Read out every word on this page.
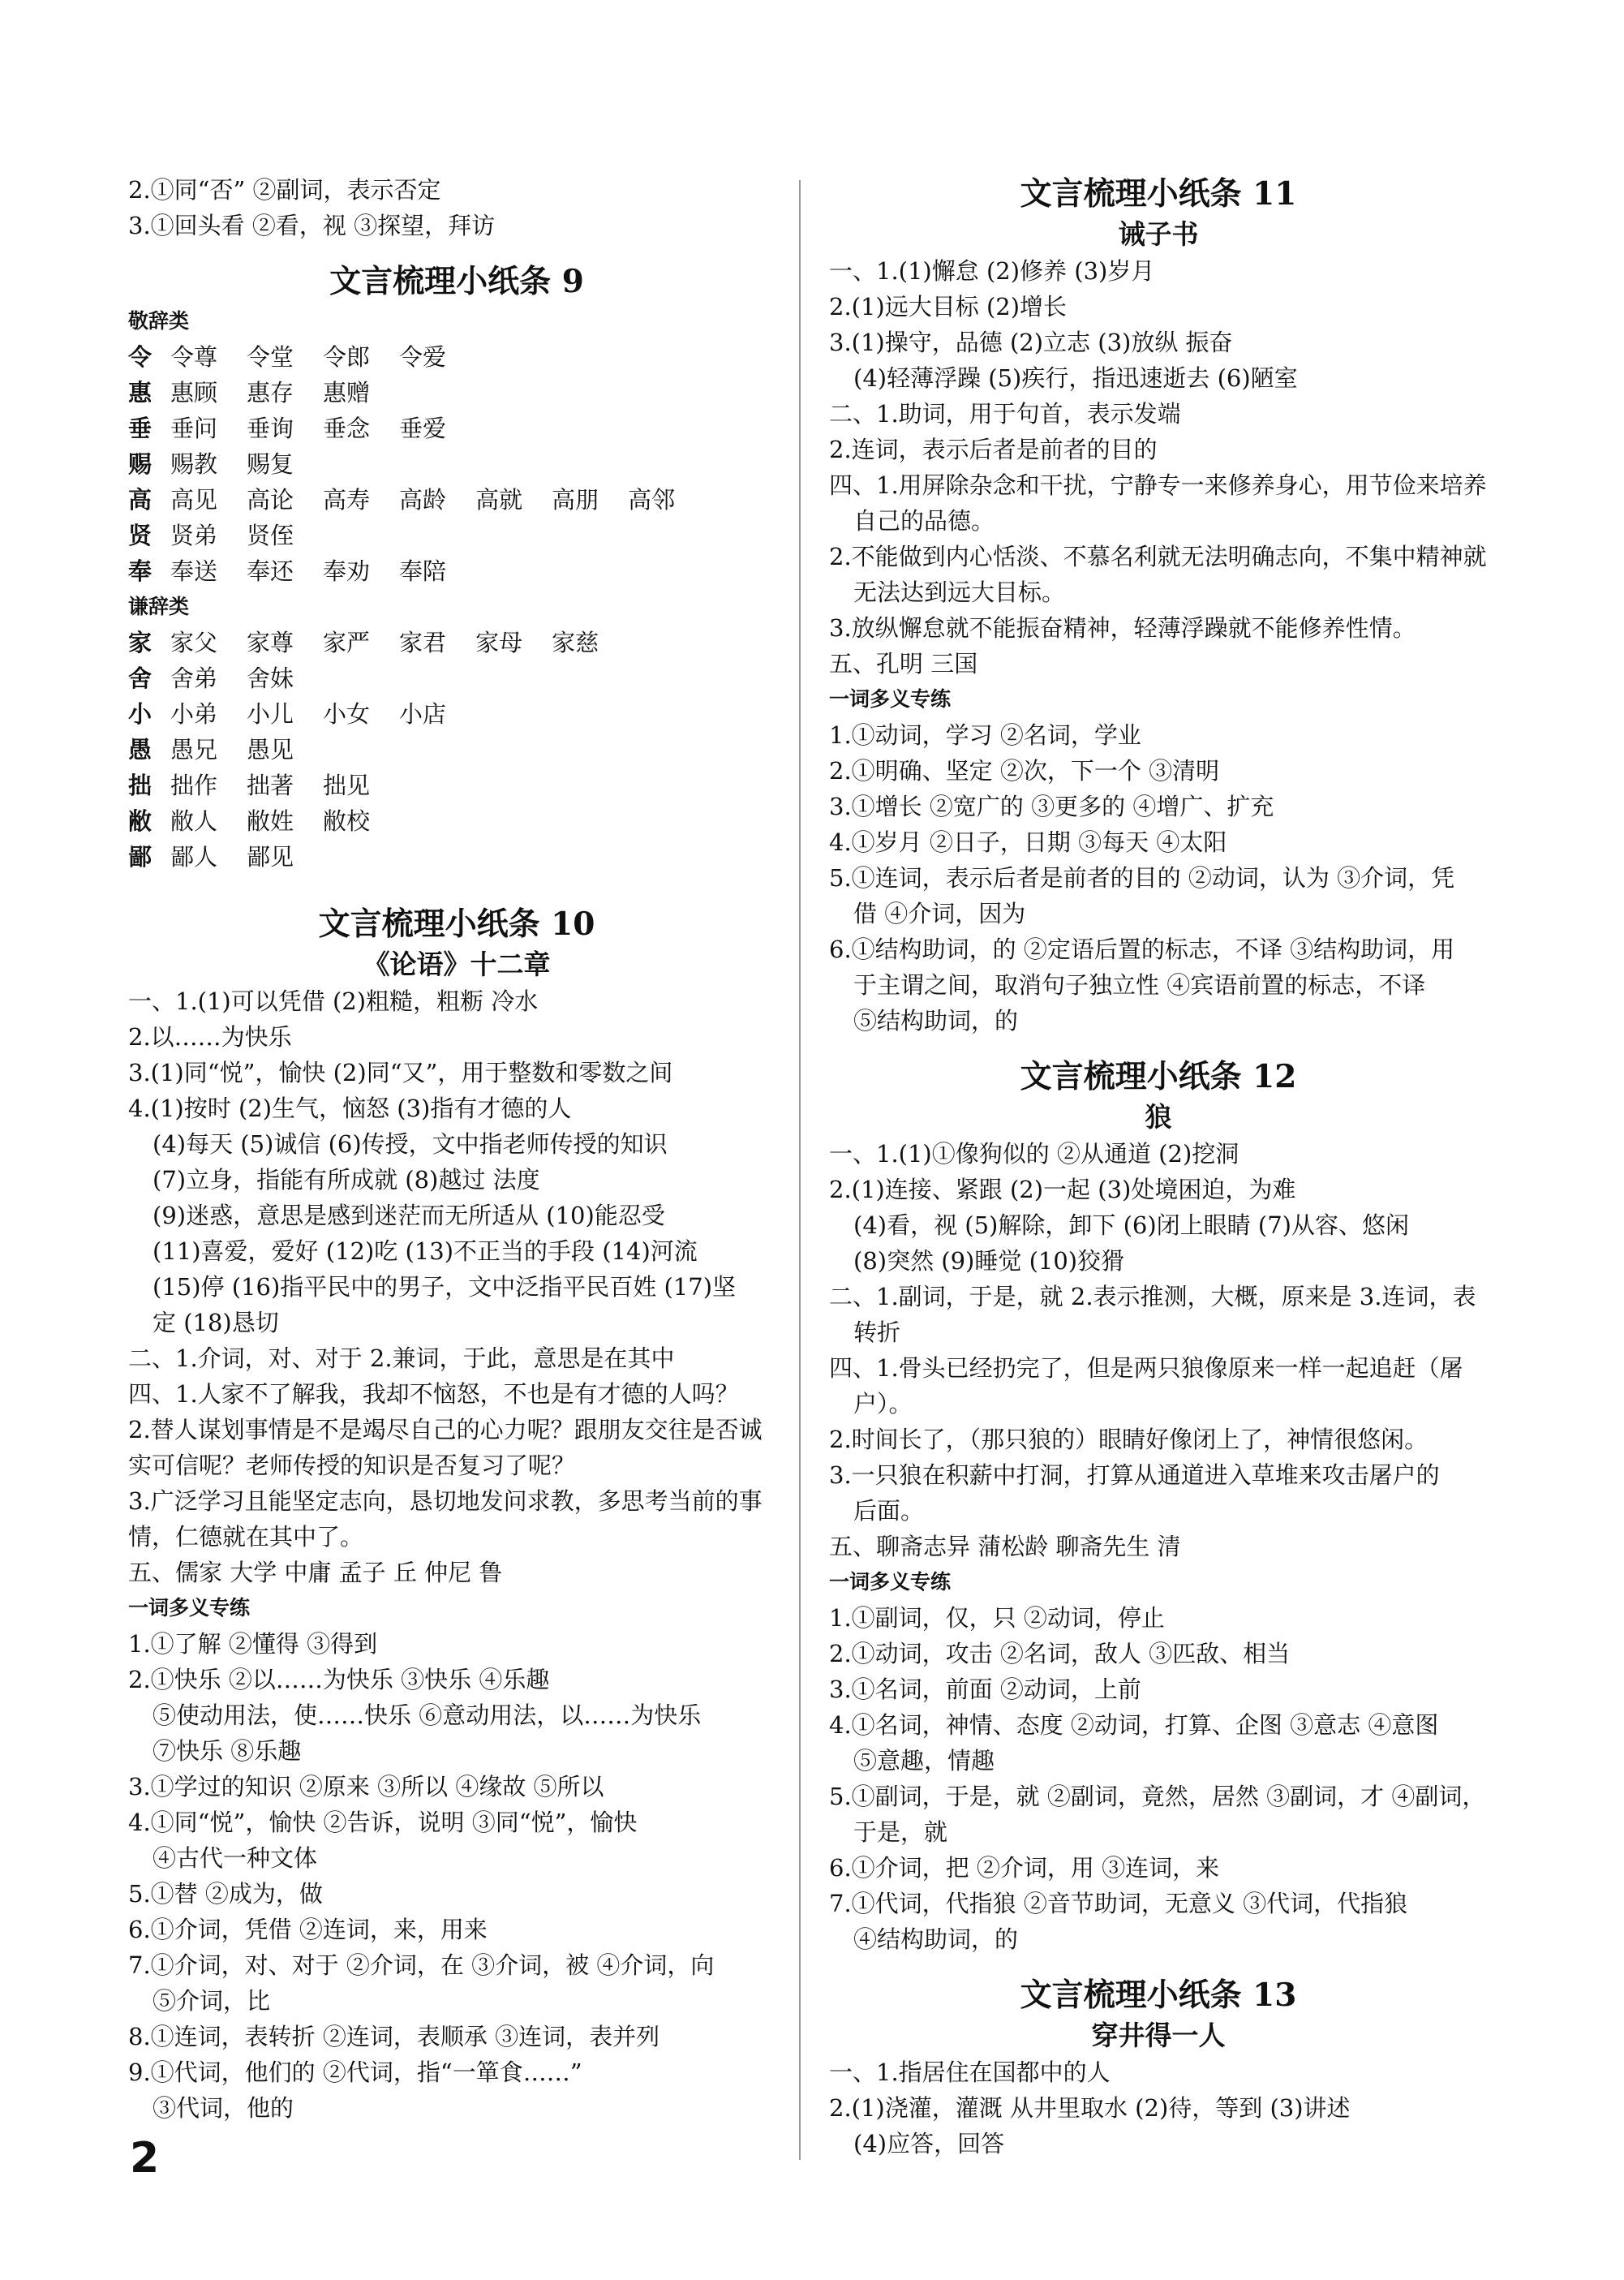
2.①同“否” ②副词，表示否定
3.①回头看 ②看，视 ③探望，拜访
文言梳理小纸条 9
敬辞类
令 令尊 令堂 令郎 令爱
惠 惠顾 惠存 惠赠
垂 垂问 垂询 垂念 垂爱
赐 赐教 赐复
高 高见 高论 高寿 高龄 高就 高朋 高邻
贤 贤弟 贤侄
奉 奉送 奉还 奉劝 奉陪
谦辞类
家 家父 家尊 家严 家君 家母 家慈
舍 舍弟 舍妹
小 小弟 小儿 小女 小店
愚 愚兄 愚见
拙 拙作 拙著 拙见
敝 敝人 敝姓 敝校
鄙 鄙人 鄙见
文言梳理小纸条 10
《论语》十二章
一、1.(1)可以凭借 (2)粗糙，粗粝 冷水
2.以……为快乐
3.(1)同“悦”，愉快 (2)同“又”，用于整数和零数之间
4.(1)按时 (2)生气，恼怒 (3)指有才德的人
(4)每天 (5)诚信 (6)传授，文中指老师传授的知识
(7)立身，指能有所成就 (8)越过 法度
(9)迷惑，意思是感到迷茫而无所适从 (10)能忍受
(11)喜爱，爱好 (12)吃 (13)不正当的手段 (14)河流
(15)停 (16)指平民中的男子，文中泛指平民百姓 (17)坚
定 (18)恳切
二、1.介词，对、对于 2.兼词，于此，意思是在其中
四、1.人家不了解我，我却不恼怒，不也是有才德的人吗？
2.替人谋划事情是不是竭尽自己的心力呢？跟朋友交往是否诚
实可信呢？老师传授的知识是否复习了呢？
3.广泛学习且能坚定志向，恳切地发问求教，多思考当前的事
情，仁德就在其中了。
五、儒家 大学 中庸 孟子 丘 仲尼 鲁
一词多义专练
1.①了解 ②懂得 ③得到
2.①快乐 ②以……为快乐 ③快乐 ④乐趣
⑤使动用法，使……快乐 ⑥意动用法，以……为快乐
⑦快乐 ⑧乐趣
3.①学过的知识 ②原来 ③所以 ④缘故 ⑤所以
4.①同“悦”，愉快 ②告诉，说明 ③同“悦”，愉快
④古代一种文体
5.①替 ②成为，做
6.①介词，凭借 ②连词，来，用来
7.①介词，对、对于 ②介词，在 ③介词，被 ④介词，向
⑤介词，比
8.①连词，表转折 ②连词，表顺承 ③连词，表并列
9.①代词，他们的 ②代词，指“一箪食……”
③代词，他的
文言梳理小纸条 11
诫子书
一、1.(1)懈怠 (2)修养 (3)岁月
2.(1)远大目标 (2)增长
3.(1)操守，品德 (2)立志 (3)放纵 振奋
(4)轻薄浮躁 (5)疾行，指迅速逝去 (6)陋室
二、1.助词，用于句首，表示发端
2.连词，表示后者是前者的目的
四、1.用屏除杂念和干扰，宁静专一来修养身心，用节俭来培养
自己的品德。
2.不能做到内心恬淡、不慕名利就无法明确志向，不集中精神就
无法达到远大目标。
3.放纵懈怠就不能振奋精神，轻薄浮躁就不能修养性情。
五、孔明 三国
一词多义专练
1.①动词，学习 ②名词，学业
2.①明确、坚定 ②次，下一个 ③清明
3.①增长 ②宽广的 ③更多的 ④增广、扩充
4.①岁月 ②日子，日期 ③每天 ④太阳
5.①连词，表示后者是前者的目的 ②动词，认为 ③介词，凭
借 ④介词，因为
6.①结构助词，的 ②定语后置的标志，不译 ③结构助词，用
于主谓之间，取消句子独立性 ④宾语前置的标志，不译
⑤结构助词，的
文言梳理小纸条 12
狼
一、1.(1)①像狗似的 ②从通道 (2)挖洞
2.(1)连接、紧跟 (2)一起 (3)处境困迫，为难
(4)看，视 (5)解除，卸下 (6)闭上眼睛 (7)从容、悠闲
(8)突然 (9)睡觉 (10)狡猾
二、1.副词，于是，就 2.表示推测，大概，原来是 3.连词，表
转折
四、1.骨头已经扔完了，但是两只狼像原来一样一起追赶（屠
户）。
2.时间长了，（那只狼的）眼睛好像闭上了，神情很悠闲。
3.一只狼在积薪中打洞，打算从通道进入草堆来攻击屠户的
后面。
五、聊斋志异 蒲松龄 聊斋先生 清
一词多义专练
1.①副词，仅，只 ②动词，停止
2.①动词，攻击 ②名词，敌人 ③匹敌、相当
3.①名词，前面 ②动词，上前
4.①名词，神情、态度 ②动词，打算、企图 ③意志 ④意图
⑤意趣，情趣
5.①副词，于是，就 ②副词，竟然，居然 ③副词，才 ④副词，
于是，就
6.①介词，把 ②介词，用 ③连词，来
7.①代词，代指狼 ②音节助词，无意义 ③代词，代指狼
④结构助词，的
文言梳理小纸条 13
穿井得一人
一、1.指居住在国都中的人
2.(1)浇灌，灌溉 从井里取水 (2)待，等到 (3)讲述
(4)应答，回答
2
